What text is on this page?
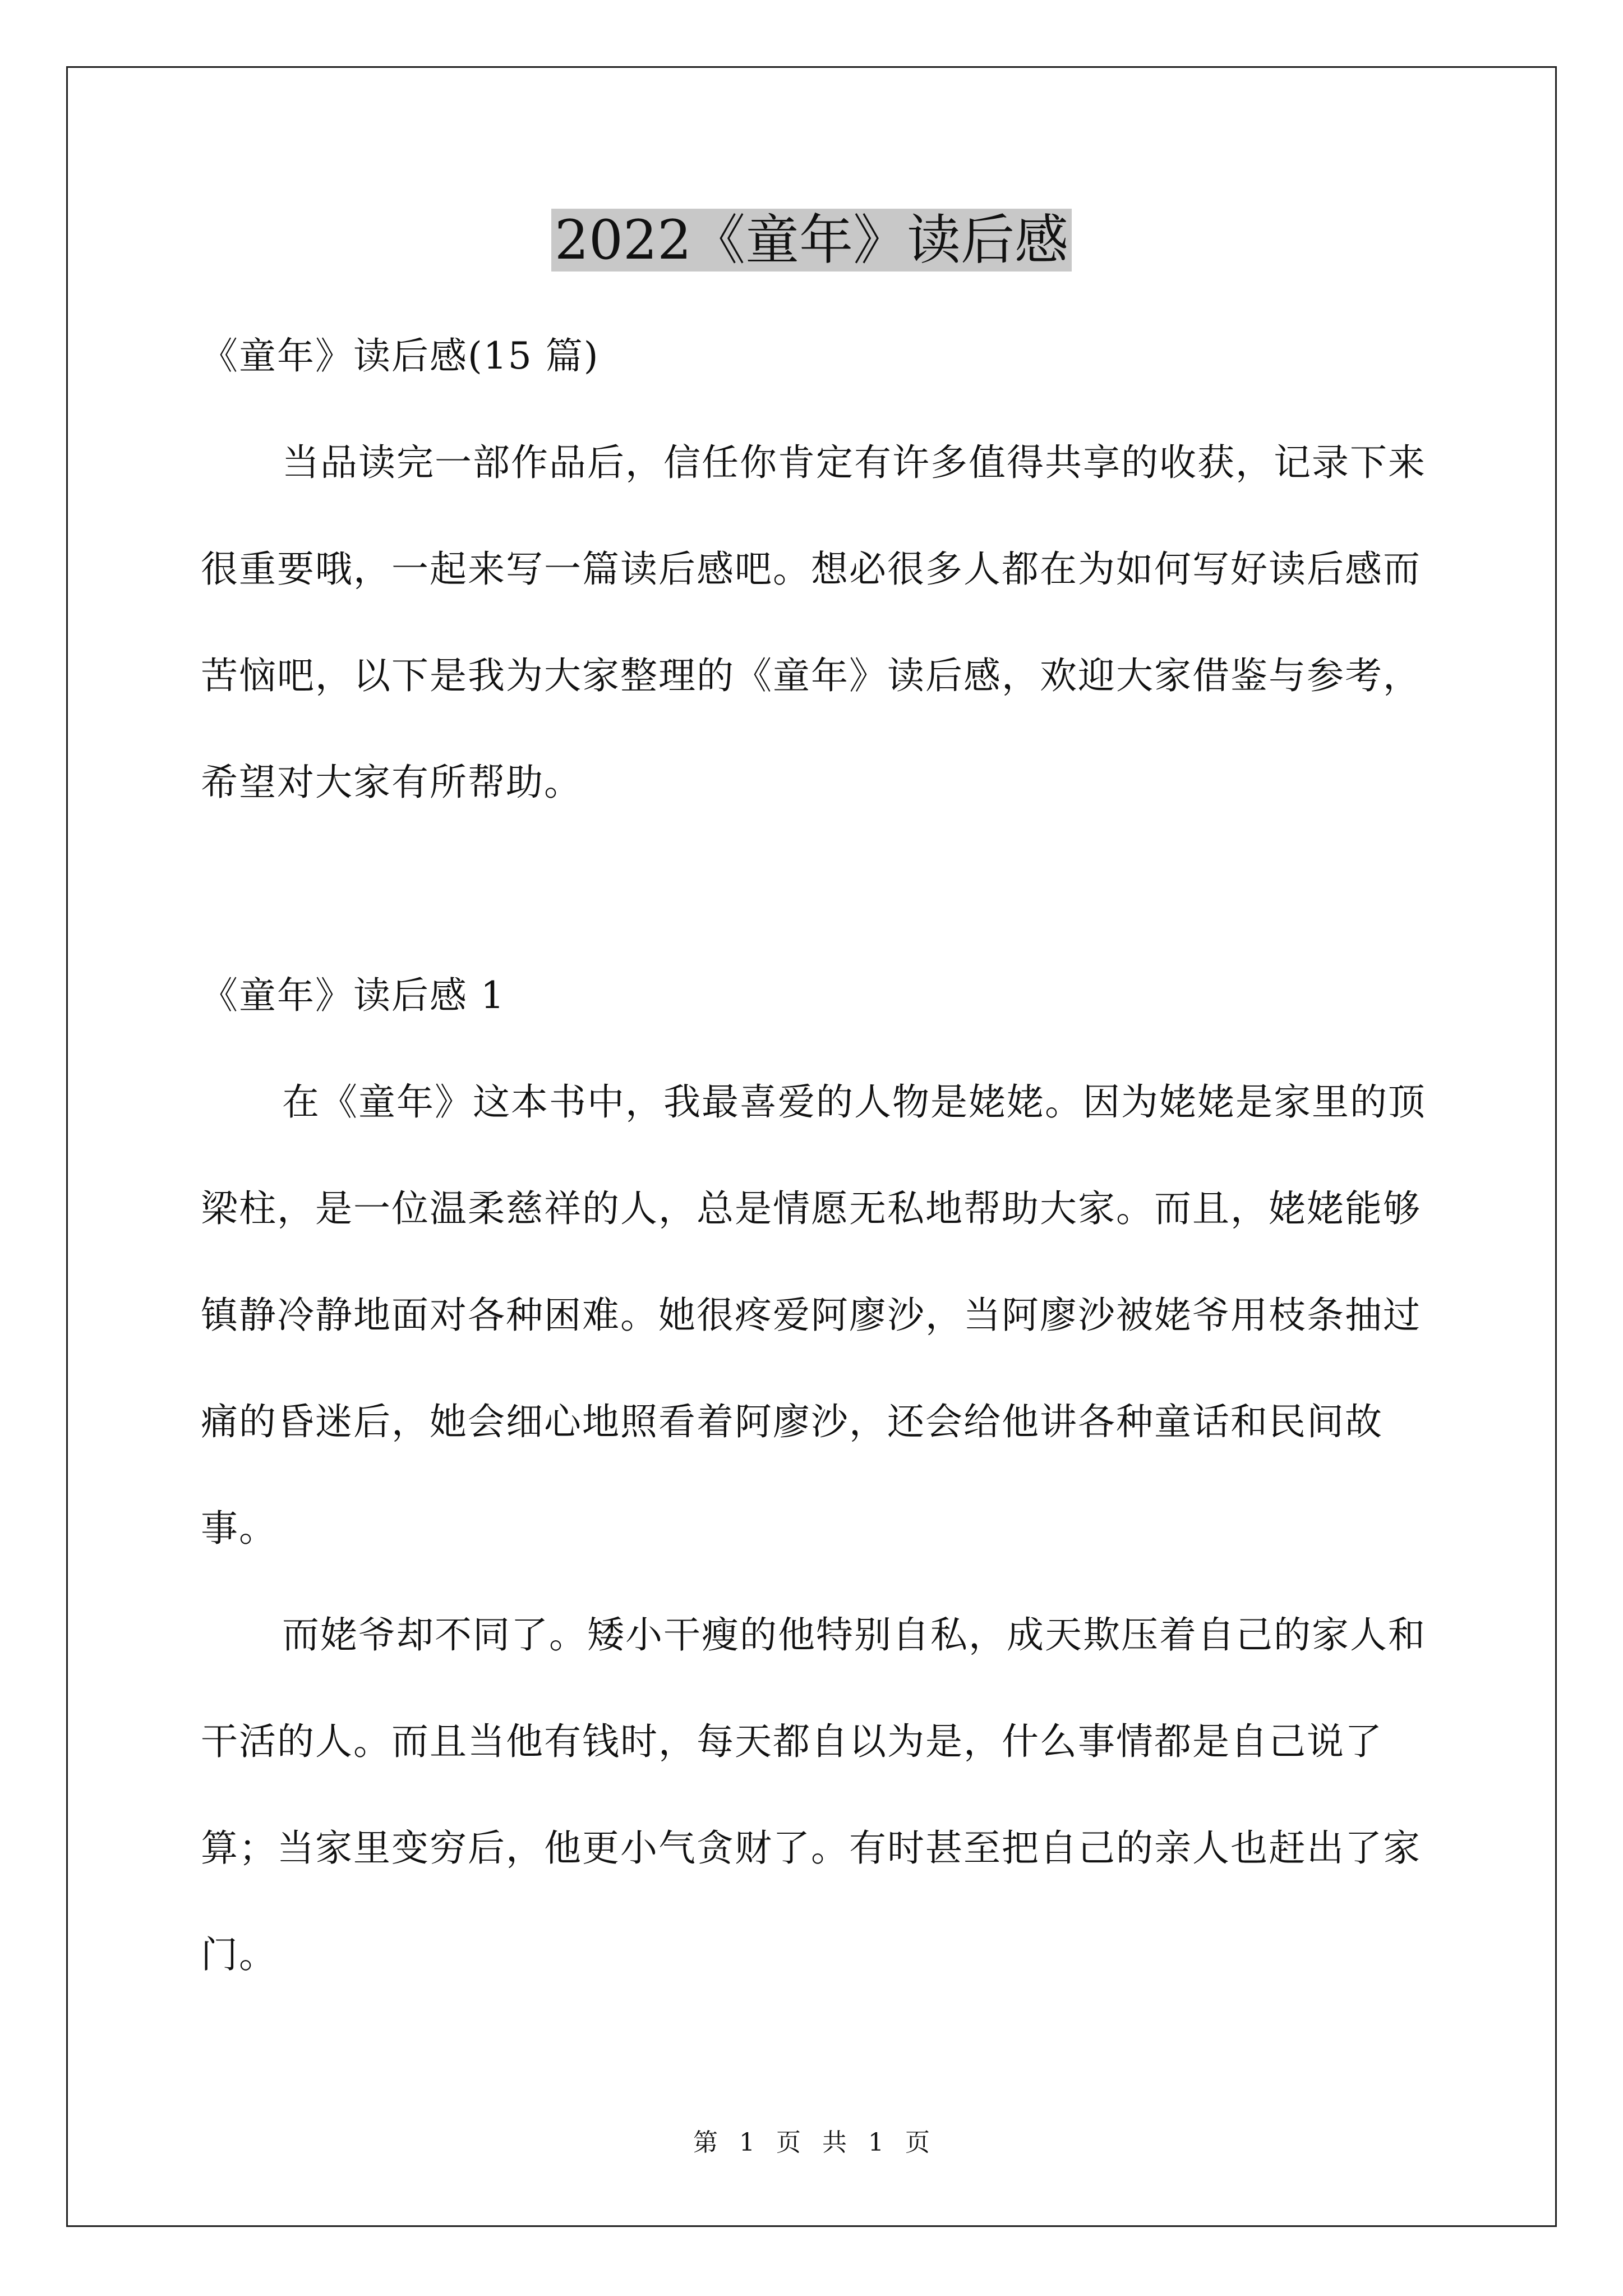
2022《童年》读后感

《童年》读后感(15 篇)

当品读完一部作品后，信任你肯定有许多值得共享的收获，记录下来很重要哦，一起来写一篇读后感吧。想必很多人都在为如何写好读后感而苦恼吧，以下是我为大家整理的《童年》读后感，欢迎大家借鉴与参考，希望对大家有所帮助。

《童年》读后感 1

在《童年》这本书中，我最喜爱的人物是姥姥。因为姥姥是家里的顶梁柱，是一位温柔慈祥的人，总是情愿无私地帮助大家。而且，姥姥能够镇静冷静地面对各种困难。她很疼爱阿廖沙，当阿廖沙被姥爷用枝条抽过痛的昏迷后，她会细心地照看着阿廖沙，还会给他讲各种童话和民间故事。

而姥爷却不同了。矮小干瘦的他特别自私，成天欺压着自己的家人和干活的人。而且当他有钱时，每天都自以为是，什么事情都是自己说了算；当家里变穷后，他更小气贪财了。有时甚至把自己的亲人也赶出了家门。

第 1 页 共 1 页
